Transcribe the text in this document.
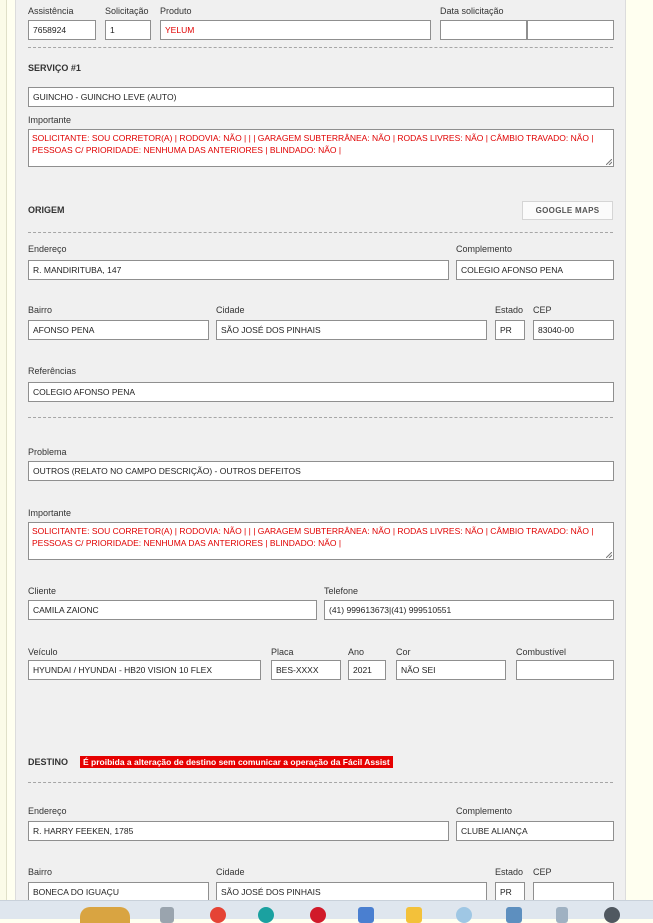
Assistência
7658924
Solicitação
1
Produto
YELUM
Data solicitação
SERVIÇO #1
GUINCHO - GUINCHO LEVE (AUTO)
Importante
SOLICITANTE: SOU CORRETOR(A) | RODOVIA: NÃO | | | GARAGEM SUBTERRÂNEA: NÃO | RODAS LIVRES: NÃO | CÂMBIO TRAVADO: NÃO | PESSOAS C/ PRIORIDADE: NENHUMA DAS ANTERIORES | BLINDADO: NÃO |
ORIGEM	GOOGLE MAPS
Endereço
R. MANDIRITUBA, 147
Complemento
COLEGIO AFONSO PENA
Bairro
AFONSO PENA
Cidade
SÃO JOSÉ DOS PINHAIS
Estado
PR
CEP
83040-00
Referências
COLEGIO AFONSO PENA
Problema
OUTROS (RELATO NO CAMPO DESCRIÇÃO) - OUTROS DEFEITOS
Importante
SOLICITANTE: SOU CORRETOR(A) | RODOVIA: NÃO | | | GARAGEM SUBTERRÂNEA: NÃO | RODAS LIVRES: NÃO | CÂMBIO TRAVADO: NÃO | PESSOAS C/ PRIORIDADE: NENHUMA DAS ANTERIORES | BLINDADO: NÃO |
Cliente
CAMILA ZAIONC
Telefone
(41) 999613673|(41) 999510551
Veículo
HYUNDAI / HYUNDAI - HB20 VISION 10 FLEX
Placa
BES-XXXX
Ano
2021
Cor
NÃO SEI
Combustível
DESTINO	É proibida a alteração de destino sem comunicar a operação da Fácil Assist
Endereço
R. HARRY FEEKEN, 1785
Complemento
CLUBE ALIANÇA
Bairro
BONECA DO IGUAÇU
Cidade
SÃO JOSÉ DOS PINHAIS
Estado
PR
CEP
